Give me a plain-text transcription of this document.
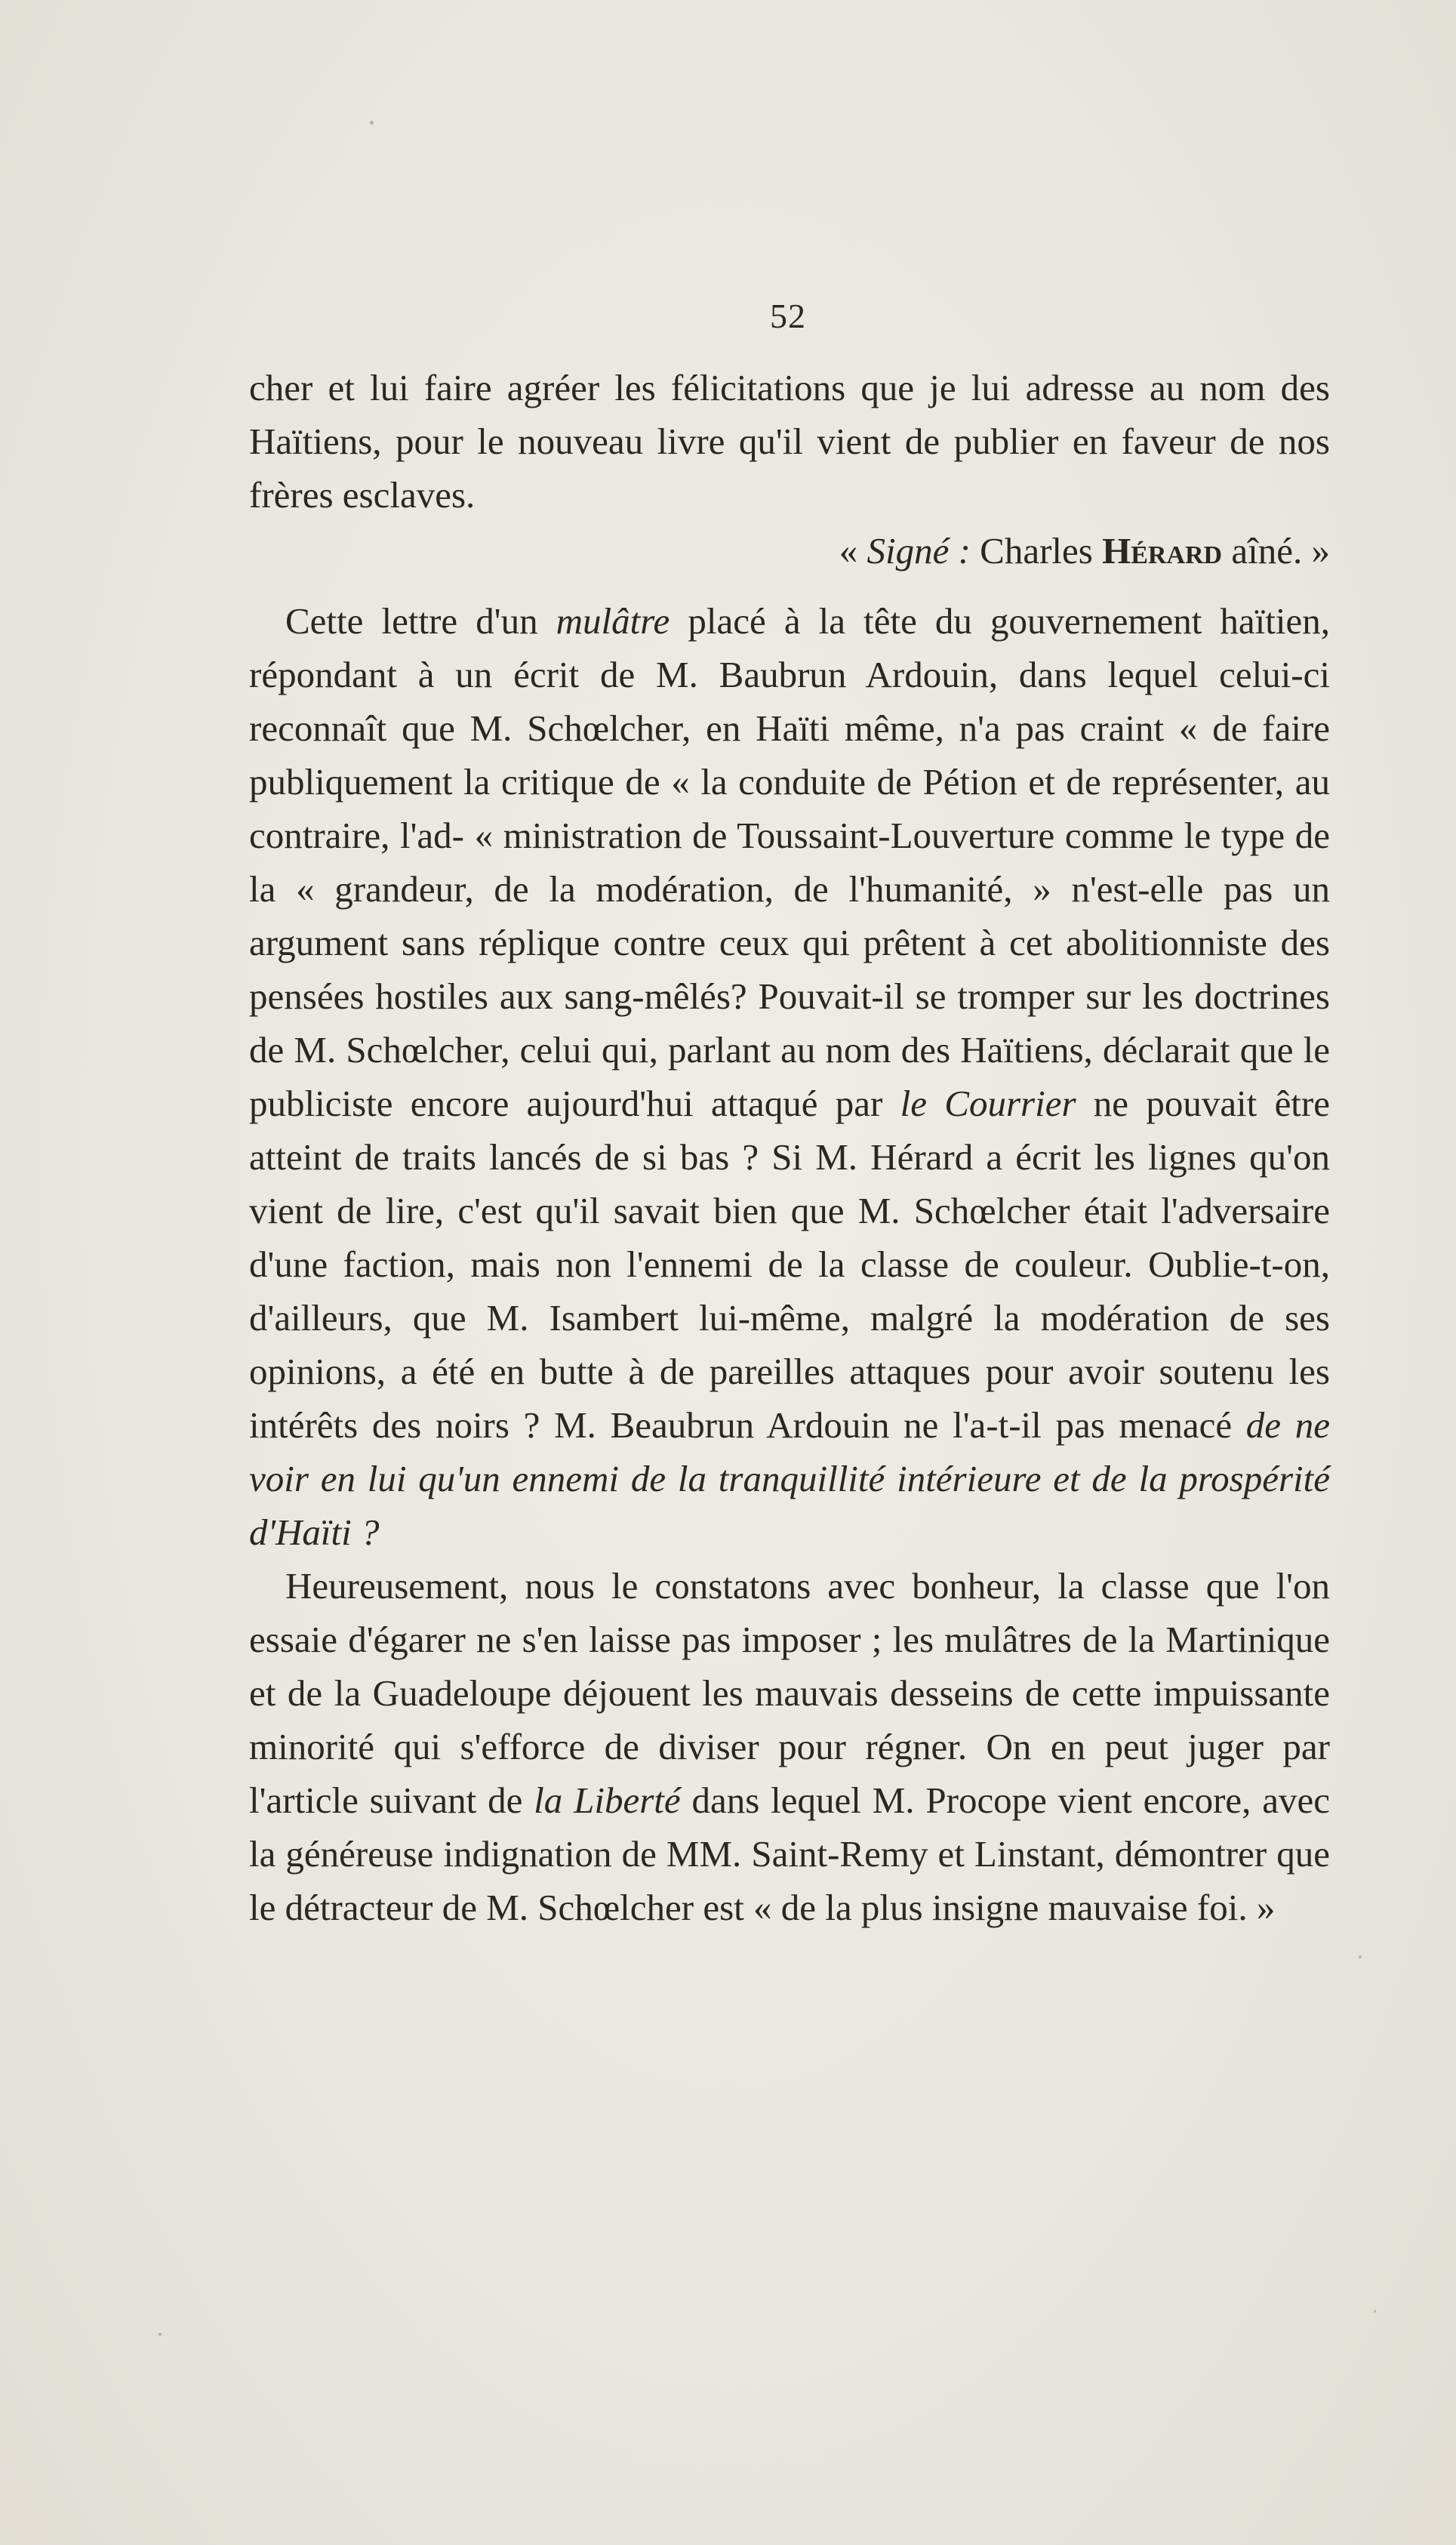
52

cher et lui faire agréer les félicitations que je lui adresse au nom des Haïtiens, pour le nouveau livre qu'il vient de publier en faveur de nos frères esclaves.

« Signé : Charles Hérard aîné. »

Cette lettre d'un mulâtre placé à la tête du gouvernement haïtien, répondant à un écrit de M. Baubrun Ardouin, dans lequel celui-ci reconnaît que M. Schœlcher, en Haïti même, n'a pas craint « de faire publiquement la critique de « la conduite de Pétion et de représenter, au contraire, l'ad- « ministration de Toussaint-Louverture comme le type de la « grandeur, de la modération, de l'humanité, » n'est-elle pas un argument sans réplique contre ceux qui prêtent à cet abolitionniste des pensées hostiles aux sang-mêlés? Pouvait-il se tromper sur les doctrines de M. Schœlcher, celui qui, parlant au nom des Haïtiens, déclarait que le publiciste encore aujourd'hui attaqué par le Courrier ne pouvait être atteint de traits lancés de si bas ? Si M. Hérard a écrit les lignes qu'on vient de lire, c'est qu'il savait bien que M. Schœlcher était l'adversaire d'une faction, mais non l'ennemi de la classe de couleur. Oublie-t-on, d'ailleurs, que M. Isambert lui-même, malgré la modération de ses opinions, a été en butte à de pareilles attaques pour avoir soutenu les intérêts des noirs ? M. Beaubrun Ardouin ne l'a-t-il pas menacé de ne voir en lui qu'un ennemi de la tranquillité intérieure et de la prospérité d'Haïti ?

Heureusement, nous le constatons avec bonheur, la classe que l'on essaie d'égarer ne s'en laisse pas imposer ; les mulâtres de la Martinique et de la Guadeloupe déjouent les mauvais desseins de cette impuissante minorité qui s'efforce de diviser pour régner. On en peut juger par l'article suivant de la Liberté dans lequel M. Procope vient encore, avec la généreuse indignation de MM. Saint-Remy et Linstant, démontrer que le détracteur de M. Schœlcher est « de la plus insigne mauvaise foi. »
